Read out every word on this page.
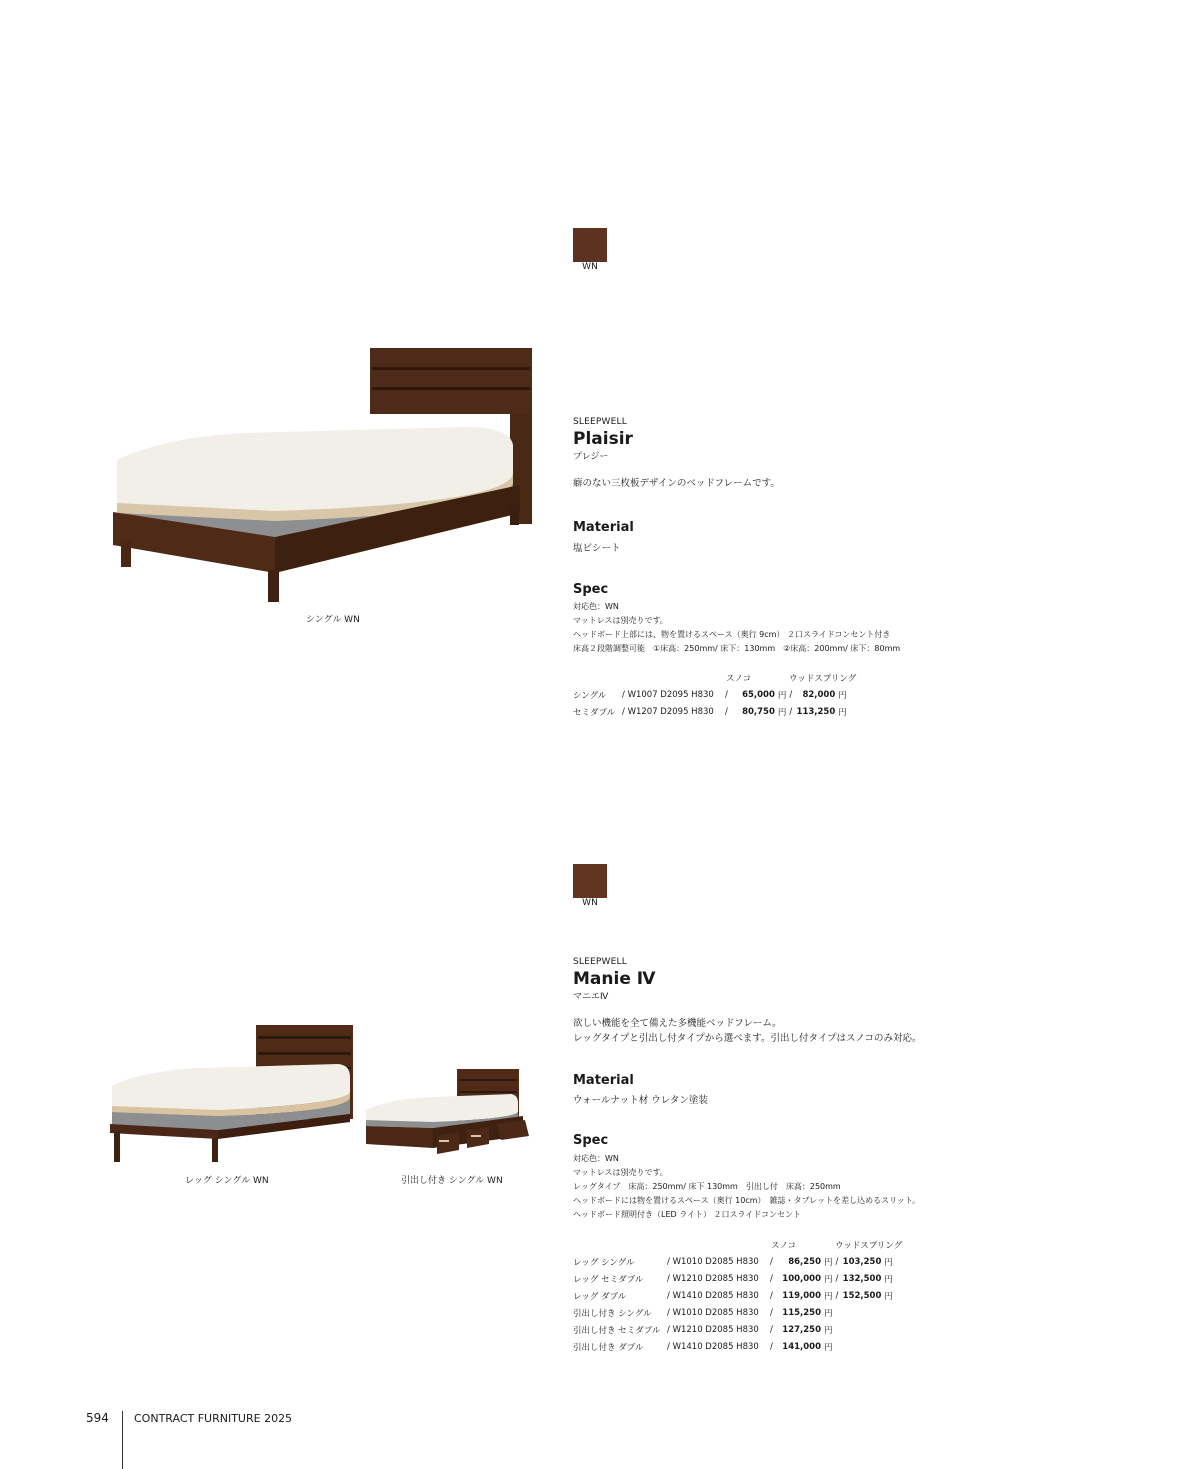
WN
シングル WN
SLEEPWELL
Plaisir
プレジー
癖のない三枚板デザインのベッドフレームです。
Material
塩ビシート
Spec
対応色：WN
マットレスは別売りです。
ヘッドボード上部には、物を置けるスペース（奥行 9cm） ２口スライドコンセント付き
床高２段階調整可能　①床高：250mm/ 床下：130mm　②床高：200mm/ 床下：80mm
スノコ	ウッドスプリング
シングル	/ W1007 D2095 H830	/	65,000	円	/	82,000	円
セミダブル	/ W1207 D2095 H830	/	80,750	円	/	113,250	円
WN
レッグ シングル WN	引出し付き シングル WN
SLEEPWELL
Manie Ⅳ
マニエⅣ
欲しい機能を全て備えた多機能ベッドフレーム。
レッグタイプと引出し付タイプから選べます。引出し付タイプはスノコのみ対応。
Material
ウォールナット材 ウレタン塗装
Spec
対応色：WN
マットレスは別売りです。
レッグタイプ　床高：250mm/ 床下 130mm　引出し付　床高：250mm
ヘッドボードには物を置けるスペース（奥行 10cm）　雑誌・タブレットを差し込めるスリット。
ヘッドボード照明付き（LED ライト） ２口スライドコンセント
スノコ	ウッドスプリング
レッグ シングル	/ W1010 D2085 H830	/	86,250	円	/	103,250	円
レッグ セミダブル	/ W1210 D2085 H830	/	100,000	円	/	132,500	円
レッグ ダブル	/ W1410 D2085 H830	/	119,000	円	/	152,500	円
引出し付き シングル	/ W1010 D2085 H830	/	115,250	円			
引出し付き セミダブル	/ W1210 D2085 H830	/	127,250	円			
引出し付き ダブル	/ W1410 D2085 H830	/	141,000	円			
594 CONTRACT FURNITURE 2025
